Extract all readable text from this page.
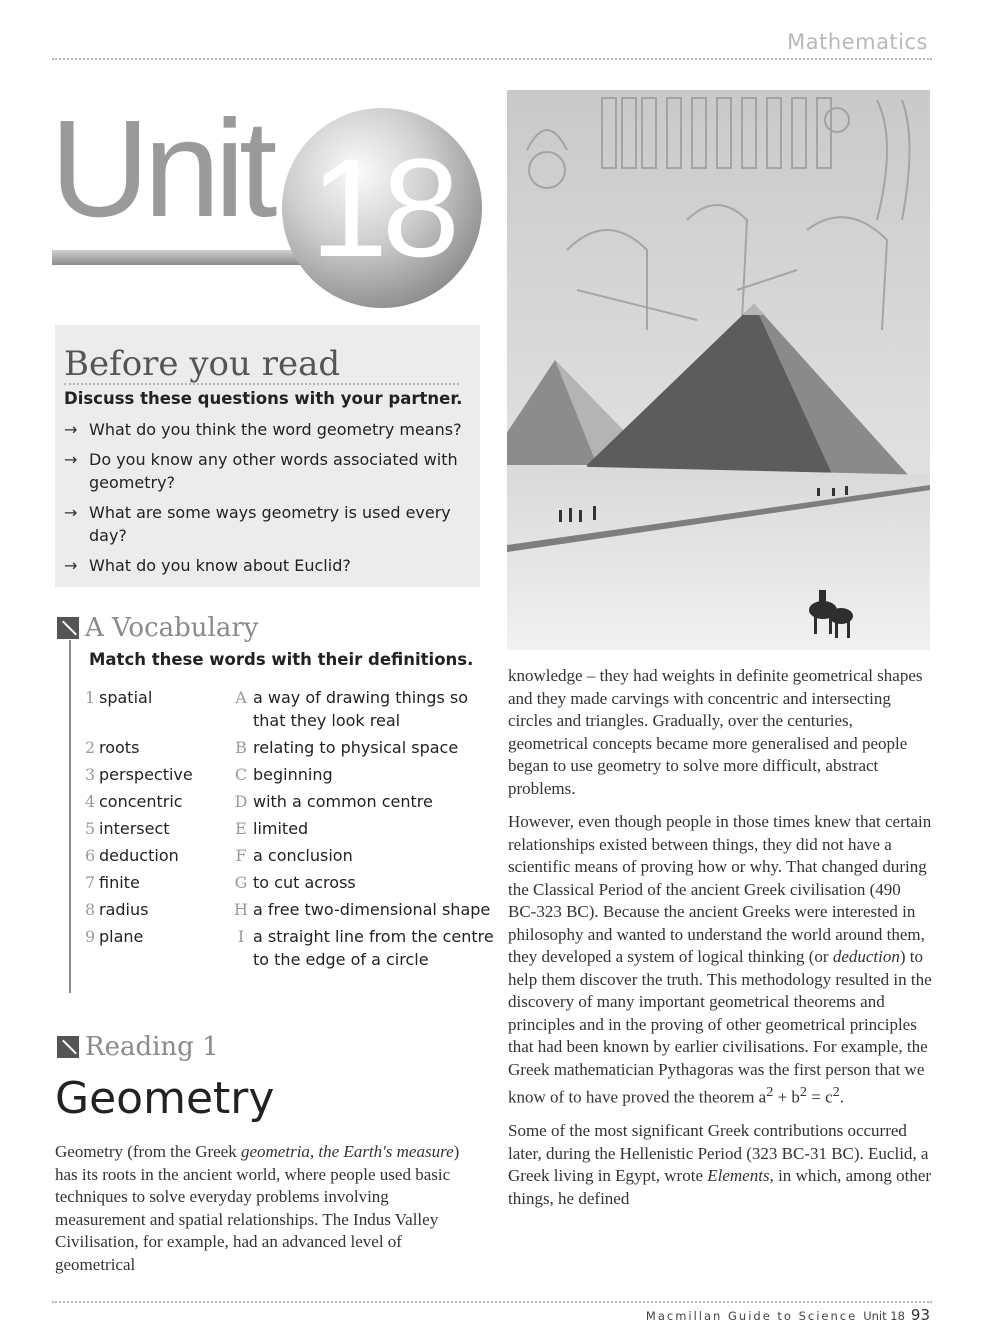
Mathematics
Unit 18
Before you read
Discuss these questions with your partner.
→ What do you think the word geometry means?
→ Do you know any other words associated with geometry?
→ What are some ways geometry is used every day?
→ What do you know about Euclid?
A Vocabulary
Match these words with their definitions.
1	spatial	A	a way of drawing things so that they look real
2	roots	B	relating to physical space
3	perspective	C	beginning
4	concentric	D	with a common centre
5	intersect	E	limited
6	deduction	F	a conclusion
7	finite	G	to cut across
8	radius	H	a free two-dimensional shape
9	plane	I	a straight line from the centre to the edge of a circle
Reading 1
Geometry
Geometry (from the Greek geometria, the Earth's measure) has its roots in the ancient world, where people used basic techniques to solve everyday problems involving measurement and spatial relationships. The Indus Valley Civilisation, for example, had an advanced level of geometrical

knowledge – they had weights in definite geometrical shapes and they made carvings with concentric and intersecting circles and triangles. Gradually, over the centuries, geometrical concepts became more generalised and people began to use geometry to solve more difficult, abstract problems.

However, even though people in those times knew that certain relationships existed between things, they did not have a scientific means of proving how or why. That changed during the Classical Period of the ancient Greek civilisation (490 BC-323 BC). Because the ancient Greeks were interested in philosophy and wanted to understand the world around them, they developed a system of logical thinking (or deduction) to help them discover the truth. This methodology resulted in the discovery of many important geometrical theorems and principles and in the proving of other geometrical principles that had been known by earlier civilisations. For example, the Greek mathematician Pythagoras was the first person that we know of to have proved the theorem $a^2 + b^2 = c^2$.

Some of the most significant Greek contributions occurred later, during the Hellenistic Period (323 BC-31 BC). Euclid, a Greek living in Egypt, wrote Elements, in which, among other things, he defined

Macmillan Guide to Science Unit 18 93
